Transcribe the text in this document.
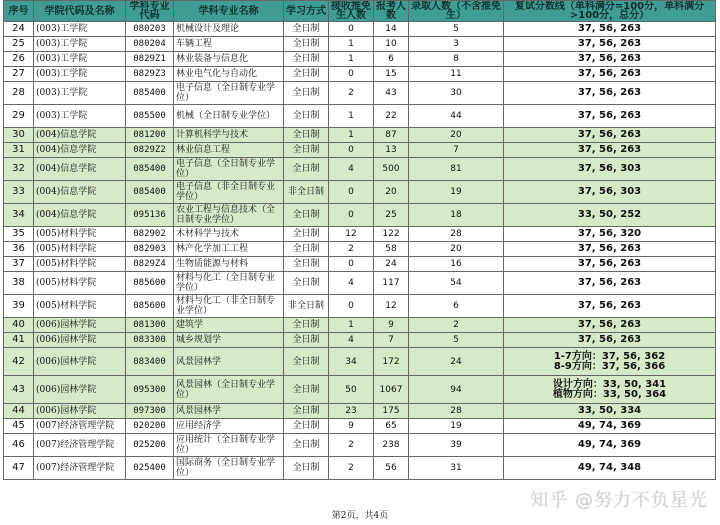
序号	学院代码及名称	学科专业代码	学科专业名称	学习方式	接收推免生人数	报考人数	录取人数（不含推免生）	复试分数线（单科满分=100分，单科满分>100分，总分）
24	(003)工学院	080203	机械设计及理论	全日制	0	14	5	37, 56, 263
25	(003)工学院	080204	车辆工程	全日制	1	10	3	37, 56, 263
26	(003)工学院	0829Z1	林业装备与信息化	全日制	1	6	8	37, 56, 263
27	(003)工学院	0829Z3	林业电气化与自动化	全日制	0	15	11	37, 56, 263
28	(003)工学院	085400	电子信息（全日制专业学位）	全日制	2	43	30	37, 56, 263
29	(003)工学院	085500	机械（全日制专业学位）	全日制	1	22	44	37, 56, 263
30	(004)信息学院	081200	计算机科学与技术	全日制	1	87	20	37, 56, 263
31	(004)信息学院	0829Z2	林业信息工程	全日制	0	13	7	37, 56, 263
32	(004)信息学院	085400	电子信息（全日制专业学位）	全日制	4	500	81	37, 56, 303
33	(004)信息学院	085400	电子信息（非全日制专业学位）	非全日制	0	20	19	37, 56, 303
34	(004)信息学院	095136	农业工程与信息技术（全日制专业学位）	全日制	0	25	18	33, 50, 252
35	(005)材料学院	082902	木材科学与技术	全日制	12	122	28	37, 56, 320
36	(005)材料学院	082903	林产化学加工工程	全日制	2	58	20	37, 56, 263
37	(005)材料学院	0829Z4	生物质能源与材料	全日制	0	24	16	37, 56, 263
38	(005)材料学院	085600	材料与化工（全日制专业学位）	全日制	4	117	54	37, 56, 263
39	(005)材料学院	085600	材料与化工（非全日制专业学位）	非全日制	0	12	6	37, 56, 263
40	(006)园林学院	081300	建筑学	全日制	1	9	2	37, 56, 263
41	(006)园林学院	083300	城乡规划学	全日制	4	7	5	37, 56, 263
42	(006)园林学院	083400	风景园林学	全日制	34	172	24	1-7方向：37, 56, 362
8-9方向：37, 56, 366
43	(006)园林学院	095300	风景园林（全日制专业学位）	全日制	50	1067	94	设计方向：33, 50, 341
植物方向：33, 50, 364
44	(006)园林学院	097300	风景园林学	全日制	23	175	28	33, 50, 334
45	(007)经济管理学院	020200	应用经济学	全日制	9	65	19	49, 74, 369
46	(007)经济管理学院	025200	应用统计（全日制专业学位）	全日制	2	238	39	49, 74, 369
47	(007)经济管理学院	025400	国际商务（全日制专业学位）	全日制	2	56	31	49, 74, 348
第2页，共4页
知乎 @努力不负星光
